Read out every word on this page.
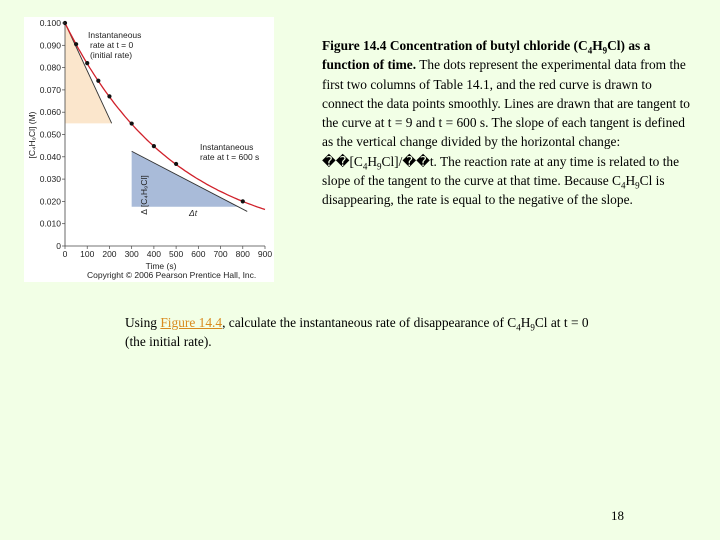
0 100 200 300 400 500 600 700 800 900
0
0.010
0.020
0.030
0.040
0.050
0.060
0.070
0.080
0.090
0.100
Time (s)
[C₄H₉Cl] (M)
Instantaneous
rate at t = 0
(initial rate)
Instantaneous
rate at t = 600 s
Δ [C₄H₉Cl]	Δt
Copyright © 2006 Pearson Prentice Hall, Inc.
Figure 14.4 Concentration of butyl chloride $(C_4H_9Cl)$ as a function of time. The dots represent the experimental data from the first two columns of Table 14.1, and the red curve is drawn to connect the data points smoothly. Lines are drawn that are tangent to the curve at t = 9 and t = 600 s. The slope of each tangent is defined as the vertical change divided by the horizontal change: $��[C_4H_9Cl]/��t$. The reaction rate at any time is related to the slope of the tangent to the curve at that time. Because $C_4H_9Cl$ is disappearing, the rate is equal to the negative of the slope.
Using Figure 14.4, calculate the instantaneous rate of disappearance of $C_4H_9Cl$ at t = 0 (the initial rate).
18
